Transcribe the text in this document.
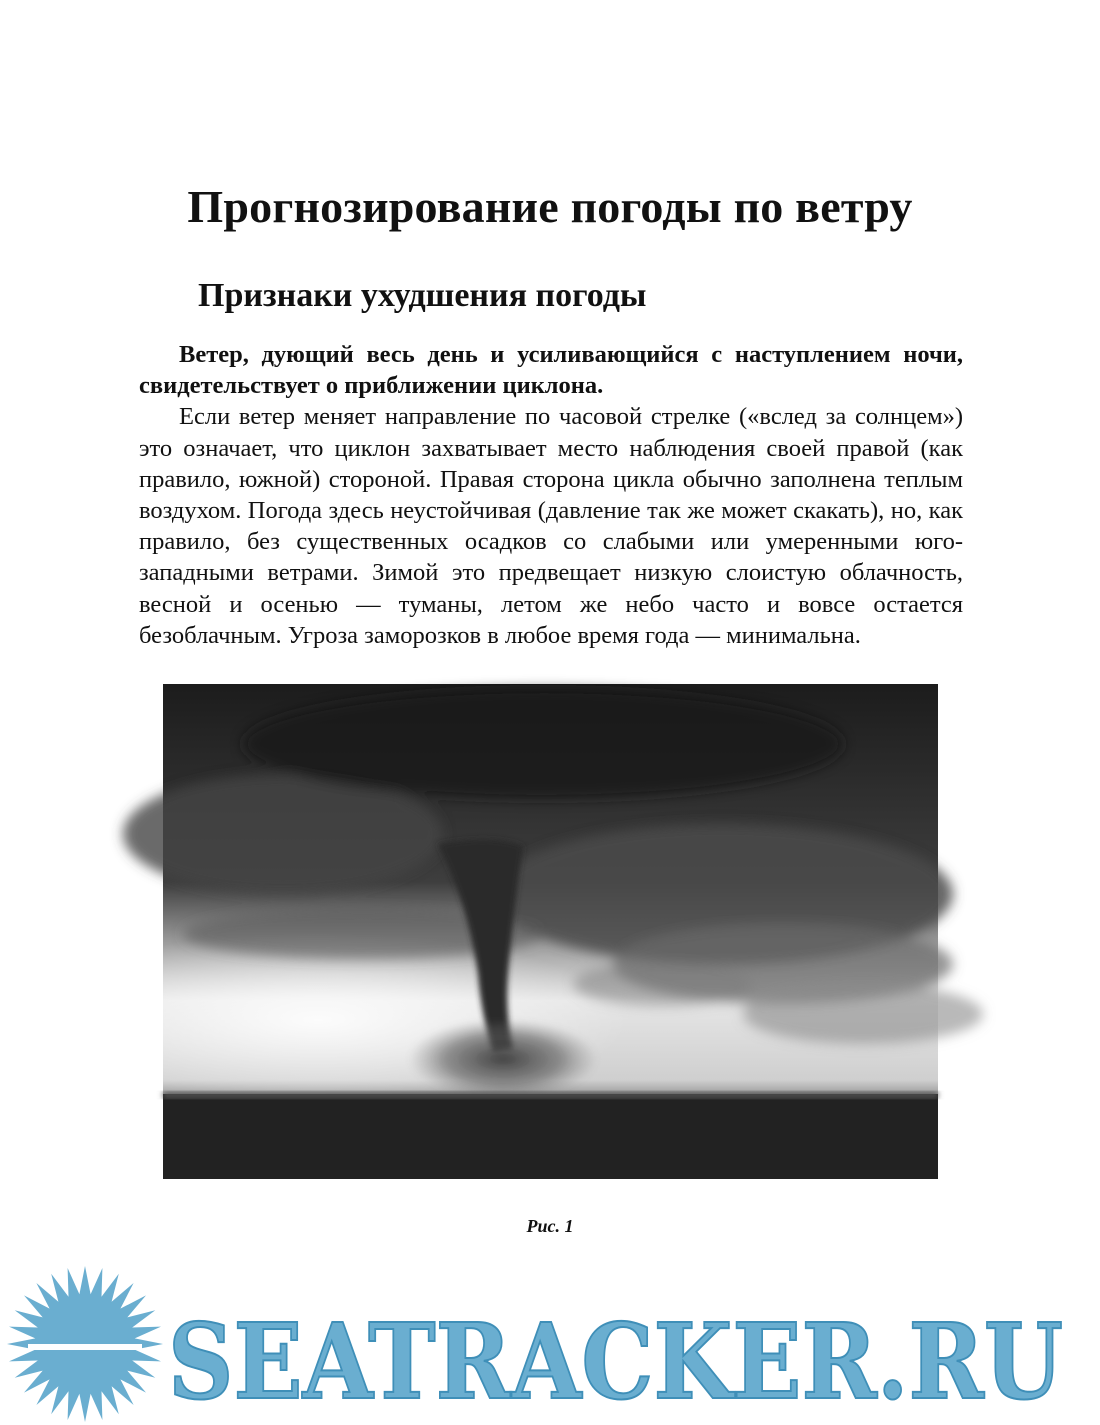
Прогнозирование погоды по ветру
Признаки ухудшения погоды

Ветер, дующий весь день и усиливающийся с наступлением ночи, свидетельствует о приближении циклона.

Если ветер меняет направление по часовой стрелке («вслед за солнцем») это означает, что циклон захватывает место наблюдения своей правой (как правило, южной) стороной. Правая сторона цикла обычно заполнена теплым воздухом. Погода здесь неустойчивая (давление так же может скакать), но, как правило, без существенных осадков со слабыми или умеренными юго-западными ветрами. Зимой это предвещает низкую слоистую облачность, весной и осенью — туманы, летом же небо часто и вовсе остается безоблачным. Угроза заморозков в любое время года — минимальна.

Рис. 1
SEATRACKER.RU
